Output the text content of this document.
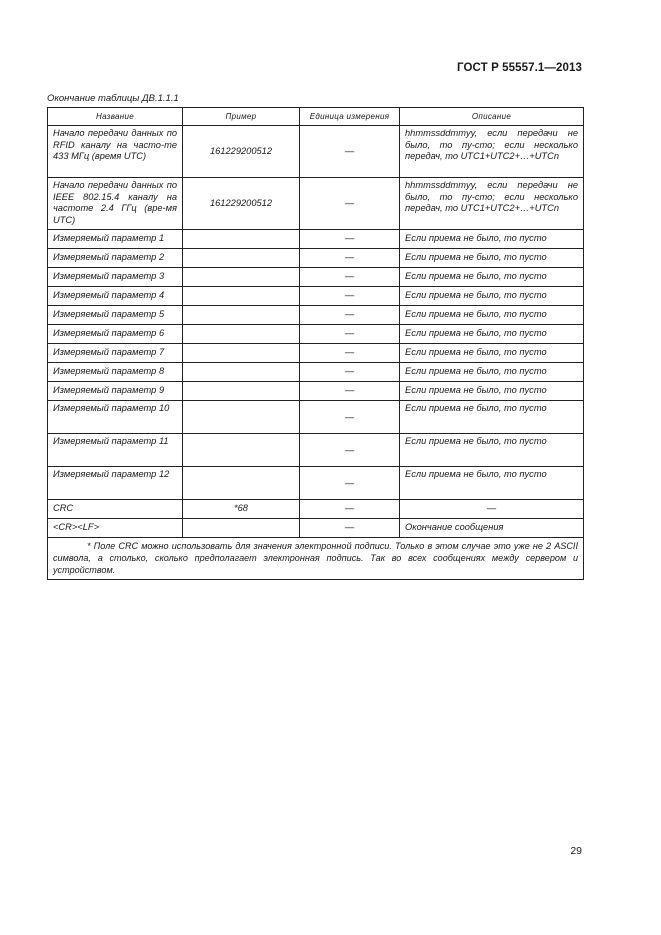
ГОСТ Р 55557.1—2013
Окончание таблицы ДВ.1.1.1
Название	Пример	Единица измерения	Описание
Начало передачи данных по RFID каналу на часто-те 433 МГц (время UTC)	161229200512	—	hhmmssddmmyy, если передачи не было, то пу-сто; если несколько передач, то UTC1+UTC2+…+UTCn
Начало передачи данных по IEEE 802.15.4 каналу на частоте 2.4 ГГц (вре-мя UTC)	161229200512	—	hhmmssddmmyy, если передачи не было, то пу-сто; если несколько передач, то UTC1+UTC2+…+UTCn
Измеряемый параметр 1		—	Если приема не было, то пусто
Измеряемый параметр 2		—	Если приема не было, то пусто
Измеряемый параметр 3		—	Если приема не было, то пусто
Измеряемый параметр 4		—	Если приема не было, то пусто
Измеряемый параметр 5		—	Если приема не было, то пусто
Измеряемый параметр 6		—	Если приема не было, то пусто
Измеряемый параметр 7		—	Если приема не было, то пусто
Измеряемый параметр 8		—	Если приема не было, то пусто
Измеряемый параметр 9		—	Если приема не было, то пусто
Измеряемый параметр 10		—	Если приема не было, то пусто
Измеряемый параметр 11		—	Если приема не было, то пусто
Измеряемый параметр 12		—	Если приема не было, то пусто
CRC	*68	—	—
<CR><LF>		—	Окончание сообщения
* Поле CRC можно использовать для значения электронной подписи. Только в этом случае это уже не 2 ASCII символа, а столько, сколько предполагает электронная подпись. Так во всех сообщениях между сервером и устройством.			
29
